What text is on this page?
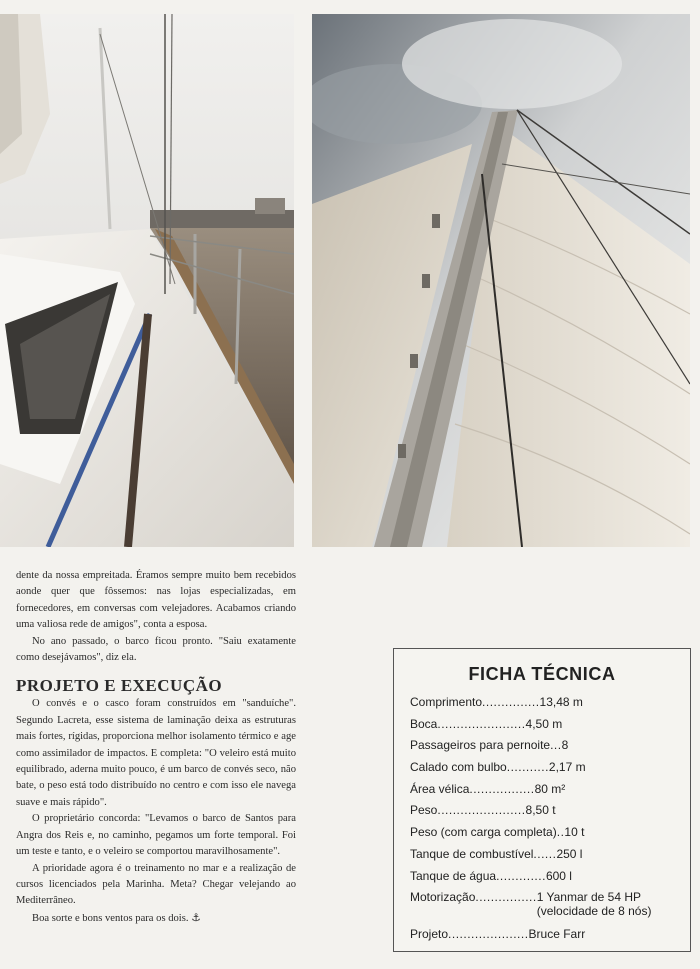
dente da nossa empreitada. Éramos sempre muito bem recebidos aonde quer que fôssemos: nas lojas especializadas, em fornecedores, em conversas com velejadores. Acabamos criando uma valiosa rede de amigos", conta a esposa.

No ano passado, o barco ficou pronto. "Saiu exatamente como desejávamos", diz ela.

PROJETO E EXECUÇÃO

O convés e o casco foram construídos em "sanduíche". Segundo Lacreta, esse sistema de laminação deixa as estruturas mais fortes, rígidas, proporciona melhor isolamento térmico e age como assimilador de impactos. E completa: "O veleiro está muito equilibrado, aderna muito pouco, é um barco de convés seco, não bate, o peso está todo distribuído no centro e com isso ele navega suave e mais rápido".

O proprietário concorda: "Levamos o barco de Santos para Angra dos Reis e, no caminho, pegamos um forte temporal. Foi um teste e tanto, e o veleiro se comportou maravilhosamente".

A prioridade agora é o treinamento no mar e a realização de cursos licenciados pela Marinha. Meta? Chegar velejando ao Mediterrâneo.

Boa sorte e bons ventos para os dois. ⚓

FICHA TÉCNICA
Comprimento ............... 13,48 m
Boca ....................... 4,50 m
Passageiros para pernoite ... 8
Calado com bulbo ........... 2,17 m
Área vélica ................. 80 m²
Peso ....................... 8,50 t
Peso (com carga completa) .. 10 t
Tanque de combustível ...... 250 l
Tanque de água ............. 600 l
Motorização ................ 1 Yanmar de 54 HP
(velocidade de 8 nós)
Projeto ..................... Bruce Farr
